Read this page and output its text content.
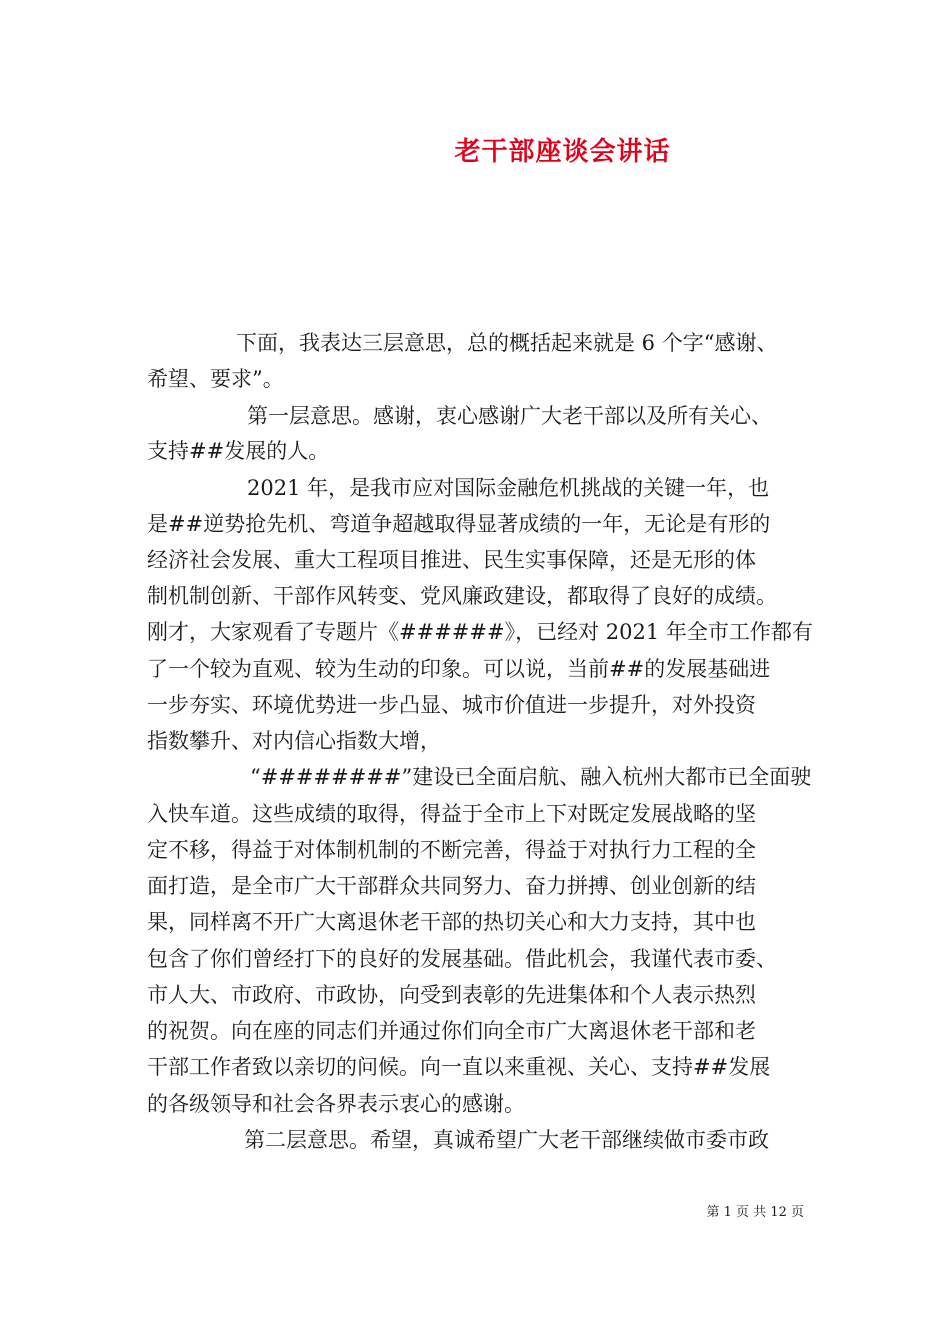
老干部座谈会讲话
下面，我表达三层意思，总的概括起来就是 6 个字“感谢、
希望、要求”。
第一层意思。感谢，衷心感谢广大老干部以及所有关心、
支持##发展的人。
2021 年，是我市应对国际金融危机挑战的关键一年，也
是##逆势抢先机、弯道争超越取得显著成绩的一年，无论是有形的
经济社会发展、重大工程项目推进、民生实事保障，还是无形的体
制机制创新、干部作风转变、党风廉政建设，都取得了良好的成绩。
刚才，大家观看了专题片《######》，已经对 2021 年全市工作都有
了一个较为直观、较为生动的印象。可以说，当前##的发展基础进
一步夯实、环境优势进一步凸显、城市价值进一步提升，对外投资
指数攀升、对内信心指数大增，
“########”建设已全面启航、融入杭州大都市已全面驶
入快车道。这些成绩的取得，得益于全市上下对既定发展战略的坚
定不移，得益于对体制机制的不断完善，得益于对执行力工程的全
面打造，是全市广大干部群众共同努力、奋力拼搏、创业创新的结
果，同样离不开广大离退休老干部的热切关心和大力支持，其中也
包含了你们曾经打下的良好的发展基础。借此机会，我谨代表市委、
市人大、市政府、市政协，向受到表彰的先进集体和个人表示热烈
的祝贺。向在座的同志们并通过你们向全市广大离退休老干部和老
干部工作者致以亲切的问候。向一直以来重视、关心、支持##发展
的各级领导和社会各界表示衷心的感谢。
第二层意思。希望，真诚希望广大老干部继续做市委市政
第 1 页 共 12 页
